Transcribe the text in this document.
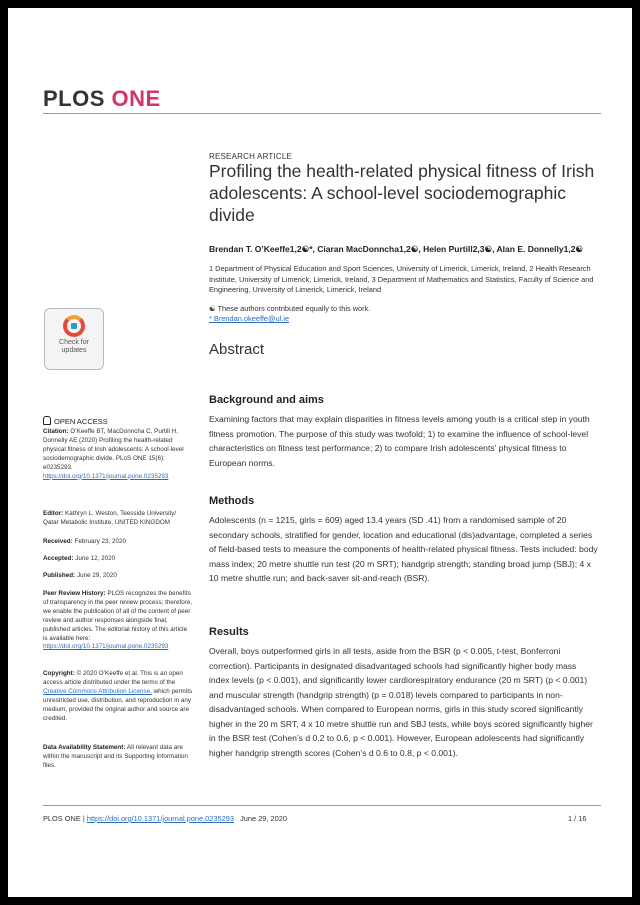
PLOS ONE
RESEARCH ARTICLE
Profiling the health-related physical fitness of Irish adolescents: A school-level sociodemographic divide
Brendan T. O’Keeffe1,2☯*, Ciaran MacDonncha1,2☯, Helen Purtill2,3☯, Alan E. Donnelly1,2☯
1 Department of Physical Education and Sport Sciences, University of Limerick, Limerick, Ireland, 2 Health Research Institute, University of Limerick, Limerick, Ireland, 3 Department of Mathematics and Statistics, Faculty of Science and Engineering, University of Limerick, Limerick, Ireland
☯ These authors contributed equally to this work.
* Brendan.okeeffe@ul.ie
Check for
updates	Abstract
Background and aims
Examining factors that may explain disparities in fitness levels among youth is a critical step in youth fitness promotion. The purpose of this study was twofold; 1) to examine the influence of school-level characteristics on fitness test performance; 2) to compare Irish adolescents’ physical fitness to European norms.
Methods
Adolescents (n = 1215, girls = 609) aged 13.4 years (SD .41) from a randomised sample of 20 secondary schools, stratified for gender, location and educational (dis)advantage, completed a series of field-based tests to measure the components of health-related physical fitness. Tests included: body mass index; 20 metre shuttle run test (20 m SRT); handgrip strength; standing broad jump (SBJ); 4 x 10 metre shuttle run; and back-saver sit-and-reach (BSR).
Results
Overall, boys outperformed girls in all tests, aside from the BSR (p < 0.005, t-test, Bonferroni correction). Participants in designated disadvantaged schools had significantly higher body mass index levels (p < 0.001), and significantly lower cardiorespiratory endurance (20 m SRT) (p < 0.001) and muscular strength (handgrip strength) (p = 0.018) levels compared to participants in non-disadvantaged schools. When compared to European norms, girls in this study scored significantly higher in the 20 m SRT, 4 x 10 metre shuttle run and SBJ tests, while boys scored significantly higher in the BSR test (Cohen’s d 0.2 to 0.6, p < 0.001). However, European adolescents had significantly higher handgrip strength scores (Cohen’s d 0.6 to 0.8, p < 0.001).
OPEN ACCESS
Citation: O’Keeffe BT, MacDonncha C, Purtill H, Donnelly AE (2020) Profiling the health-related physical fitness of Irish adolescents: A school-level sociodemographic divide. PLoS ONE 15(6): e0235293. https://doi.org/10.1371/journal.pone.0235293
Editor: Kathryn L. Weston, Teesside University/ Qatar Metabolic Institute, UNITED KINGDOM
Received: February 23, 2020
Accepted: June 12, 2020
Published: June 29, 2020
Peer Review History: PLOS recognizes the benefits of transparency in the peer review process; therefore, we enable the publication of all of the content of peer review and author responses alongside final, published articles. The editorial history of this article is available here: https://doi.org/10.1371/journal.pone.0235293
Copyright: © 2020 O’Keeffe et al. This is an open access article distributed under the terms of the Creative Commons Attribution License, which permits unrestricted use, distribution, and reproduction in any medium, provided the original author and source are credited.
Data Availability Statement: All relevant data are within the manuscript and its Supporting Information files.
PLOS ONE | https://doi.org/10.1371/journal.pone.0235293 June 29, 2020	1 / 16
